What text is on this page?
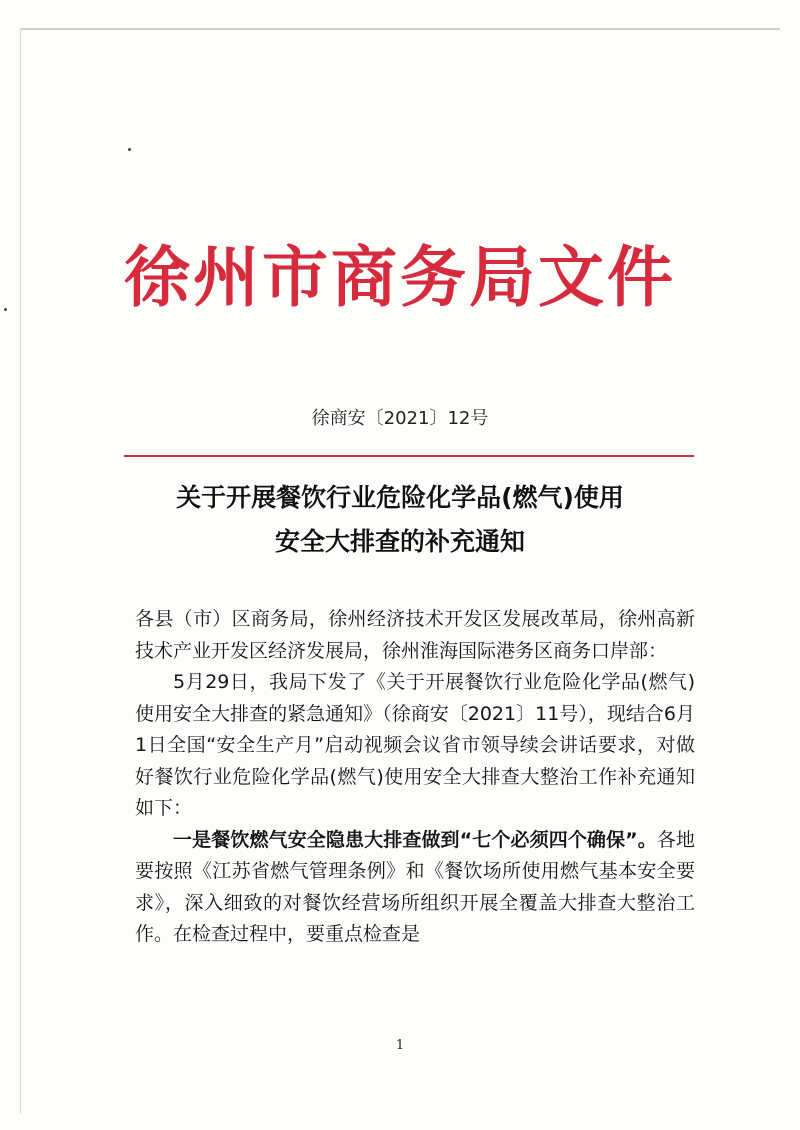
徐州市商务局文件
徐商安〔2021〕12号
关于开展餐饮行业危险化学品(燃气)使用
安全大排查的补充通知

各县（市）区商务局，徐州经济技术开发区发展改革局，徐州高新技术产业开发区经济发展局，徐州淮海国际港务区商务口岸部：

5月29日，我局下发了《关于开展餐饮行业危险化学品(燃气)使用安全大排查的紧急通知》（徐商安〔2021〕11号），现结合6月1日全国“安全生产月”启动视频会议省市领导续会讲话要求，对做好餐饮行业危险化学品(燃气)使用安全大排查大整治工作补充通知如下：

一是餐饮燃气安全隐患大排查做到“七个必须四个确保”。各地要按照《江苏省燃气管理条例》和《餐饮场所使用燃气基本安全要求》，深入细致的对餐饮经营场所组织开展全覆盖大排查大整治工作。在检查过程中，要重点检查是

1
